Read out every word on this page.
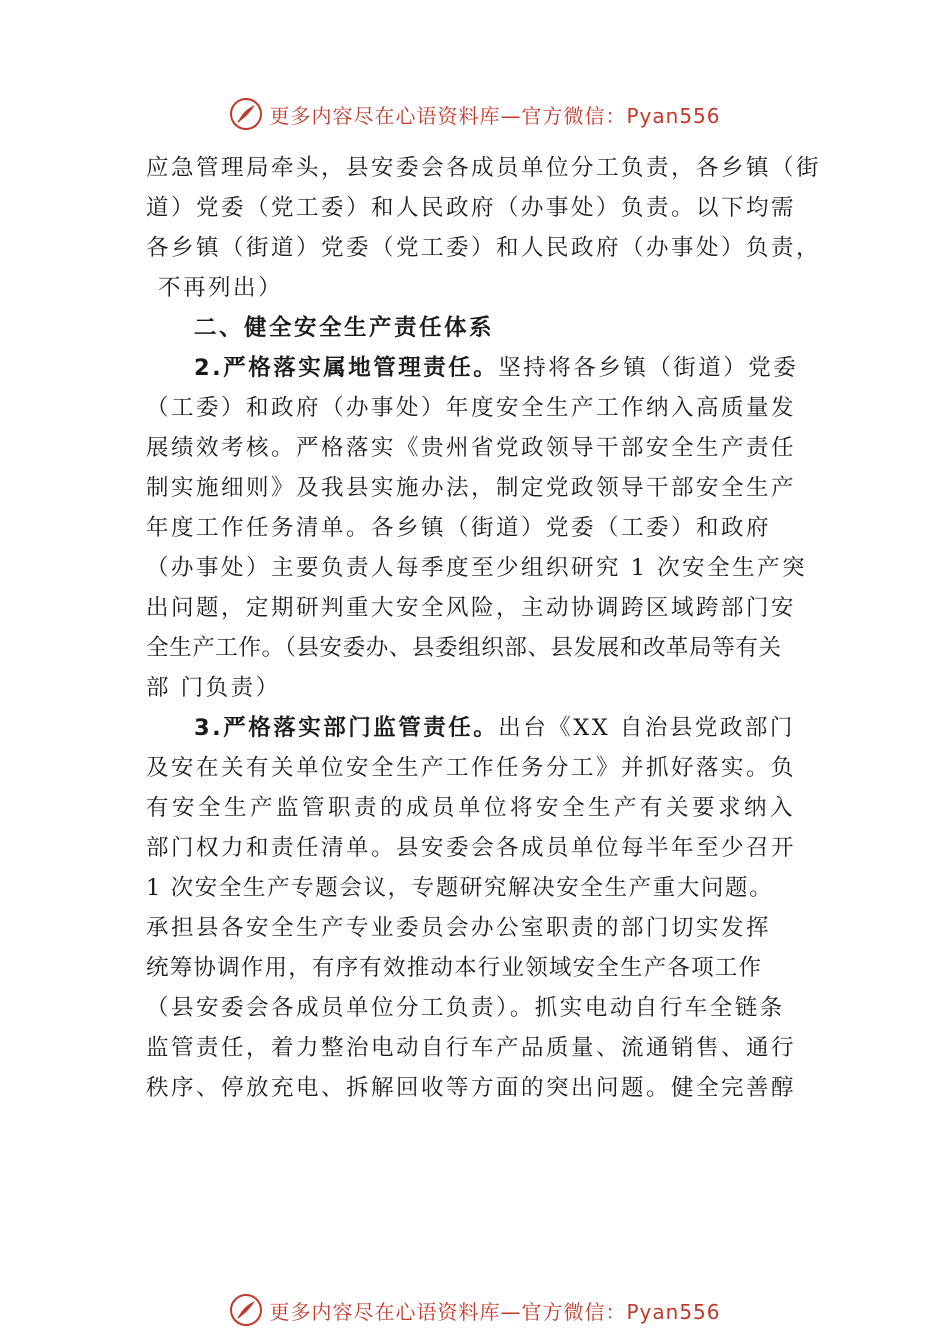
更多内容尽在心语资料库—官方微信：Pyan556
应急管理局牵头，县安委会各成员单位分工负责，各乡镇（街
道）党委（党工委）和人民政府（办事处）负责。以下均需
各乡镇（街道）党委（党工委）和人民政府（办事处）负责，
不再列出）
二、健全安全生产责任体系
2.严格落实属地管理责任。坚持将各乡镇（街道）党委
（工委）和政府（办事处）年度安全生产工作纳入高质量发
展绩效考核。严格落实《贵州省党政领导干部安全生产责任
制实施细则》及我县实施办法，制定党政领导干部安全生产
年度工作任务清单。各乡镇（街道）党委（工委）和政府
（办事处）主要负责人每季度至少组织研究 1 次安全生产突
出问题，定期研判重大安全风险，主动协调跨区域跨部门安
全生产工作。（县安委办、县委组织部、县发展和改革局等有关
部 门负责）
3.严格落实部门监管责任。出台《XX 自治县党政部门
及安在关有关单位安全生产工作任务分工》并抓好落实。负
有安全生产监管职责的成员单位将安全生产有关要求纳入
部门权力和责任清单。县安委会各成员单位每半年至少召开
1 次安全生产专题会议，专题研究解决安全生产重大问题。
承担县各安全生产专业委员会办公室职责的部门切实发挥
统筹协调作用，有序有效推动本行业领域安全生产各项工作
（县安委会各成员单位分工负责）。抓实电动自行车全链条
监管责任，着力整治电动自行车产品质量、流通销售、通行
秩序、停放充电、拆解回收等方面的突出问题。健全完善醇
更多内容尽在心语资料库—官方微信：Pyan556
